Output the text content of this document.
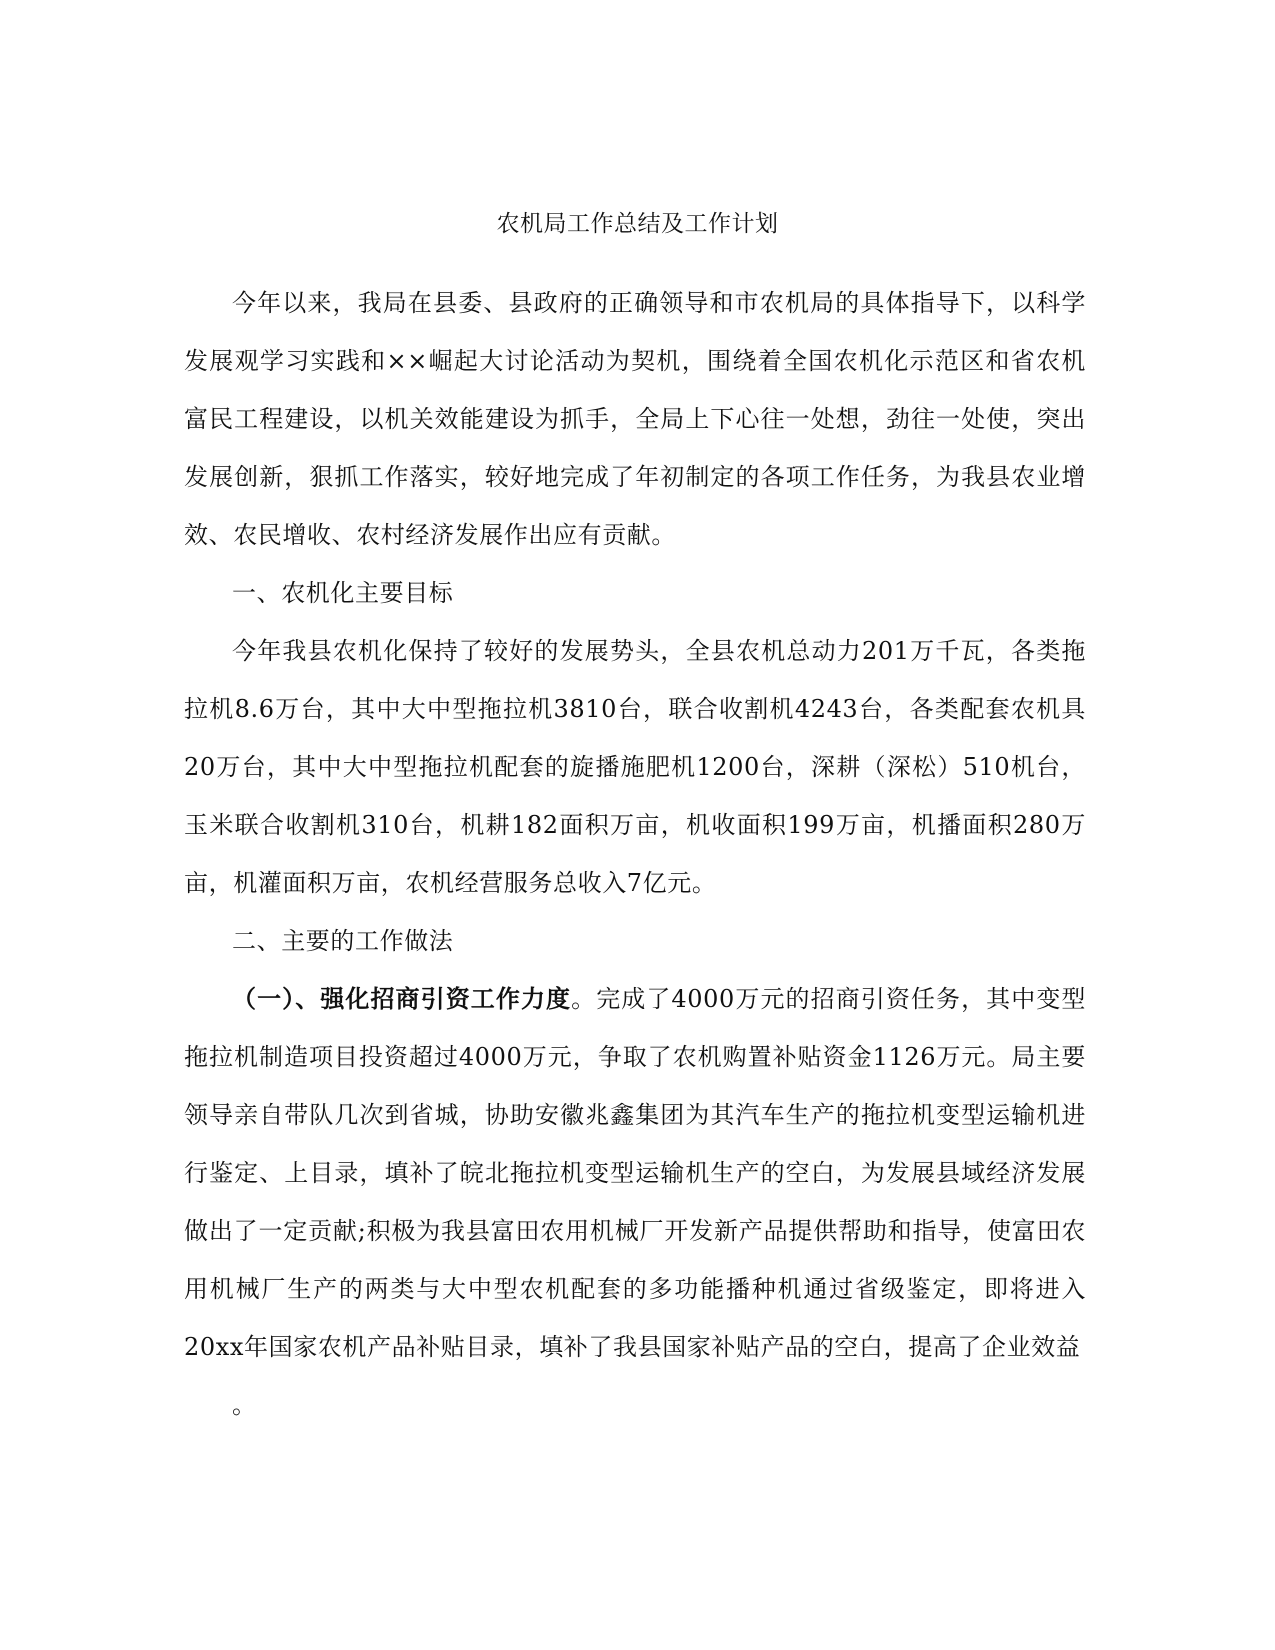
农机局工作总结及工作计划

今年以来，我局在县委、县政府的正确领导和市农机局的具体指导下，以科学发展观学习实践和××崛起大讨论活动为契机，围绕着全国农机化示范区和省农机富民工程建设，以机关效能建设为抓手，全局上下心往一处想，劲往一处使，突出发展创新，狠抓工作落实，较好地完成了年初制定的各项工作任务，为我县农业增效、农民增收、农村经济发展作出应有贡献。

一、农机化主要目标

今年我县农机化保持了较好的发展势头，全县农机总动力201万千瓦，各类拖拉机8.6万台，其中大中型拖拉机3810台，联合收割机4243台，各类配套农机具20万台，其中大中型拖拉机配套的旋播施肥机1200台，深耕（深松）510机台，玉米联合收割机310台，机耕182面积万亩，机收面积199万亩，机播面积280万亩，机灌面积万亩，农机经营服务总收入7亿元。

二、主要的工作做法

（一）、强化招商引资工作力度。完成了4000万元的招商引资任务，其中变型拖拉机制造项目投资超过4000万元，争取了农机购置补贴资金1126万元。局主要领导亲自带队几次到省城，协助安徽兆鑫集团为其汽车生产的拖拉机变型运输机进行鉴定、上目录，填补了皖北拖拉机变型运输机生产的空白，为发展县域经济发展做出了一定贡献;积极为我县富田农用机械厂开发新产品提供帮助和指导，使富田农用机械厂生产的两类与大中型农机配套的多功能播种机通过省级鉴定，即将进入20xx年国家农机产品补贴目录，填补了我县国家补贴产品的空白，提高了企业效益

。
